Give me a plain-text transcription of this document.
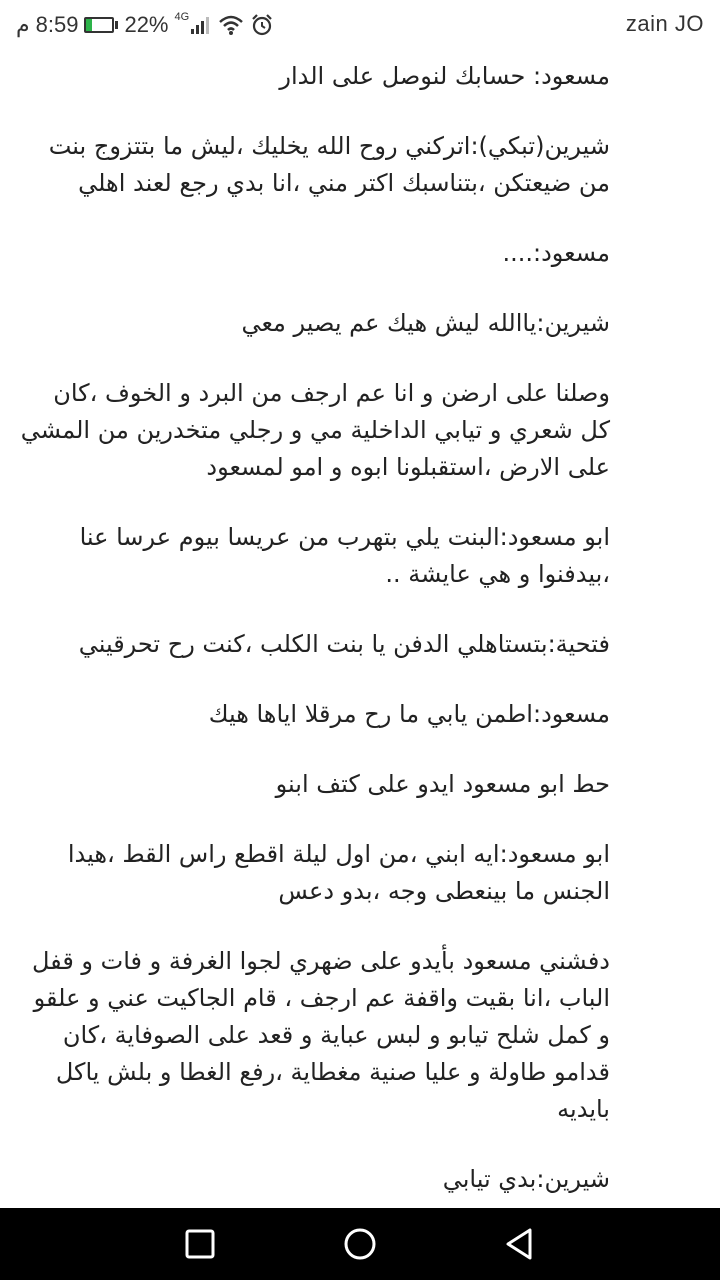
م 8:59 22% 4G	zain JO

مسعود: حسابك لنوصل على الدار

شيرين(تبكي):اتركني روح الله يخليك ،ليش ما بتتزوج بنت من ضيعتكن ،بتناسبك اكتر مني ،انا بدي رجع لعند اهلي

مسعود:....

شيرين:ياالله ليش هيك عم يصير معي

وصلنا على ارضن و انا عم ارجف من البرد و الخوف ،كان كل شعري و تيابي الداخلية مي و رجلي متخدرين من المشي على الارض ،استقبلونا ابوه و امو لمسعود

ابو مسعود:البنت يلي بتهرب من عريسا بيوم عرسا عنا ،بيدفنوا و هي عايشة ..

فتحية:بتستاهلي الدفن يا بنت الكلب ،كنت رح تحرقيني

مسعود:اطمن يابي ما رح مرقلا اياها هيك

حط ابو مسعود ايدو على كتف ابنو

ابو مسعود:ايه ابني ،من اول ليلة اقطع راس القط ،هيدا الجنس ما بينعطى وجه ،بدو دعس

دفشني مسعود بأيدو على ضهري لجوا الغرفة و فات و قفل الباب ،انا بقيت واقفة عم ارجف ، قام الجاكيت عني و علقو و كمل شلح تيابو و لبس عباية و قعد على الصوفاية ،كان قدامو طاولة و عليا صنية مغطاية ،رفع الغطا و بلش ياكل بايديه

شيرين:بدي تيابي
